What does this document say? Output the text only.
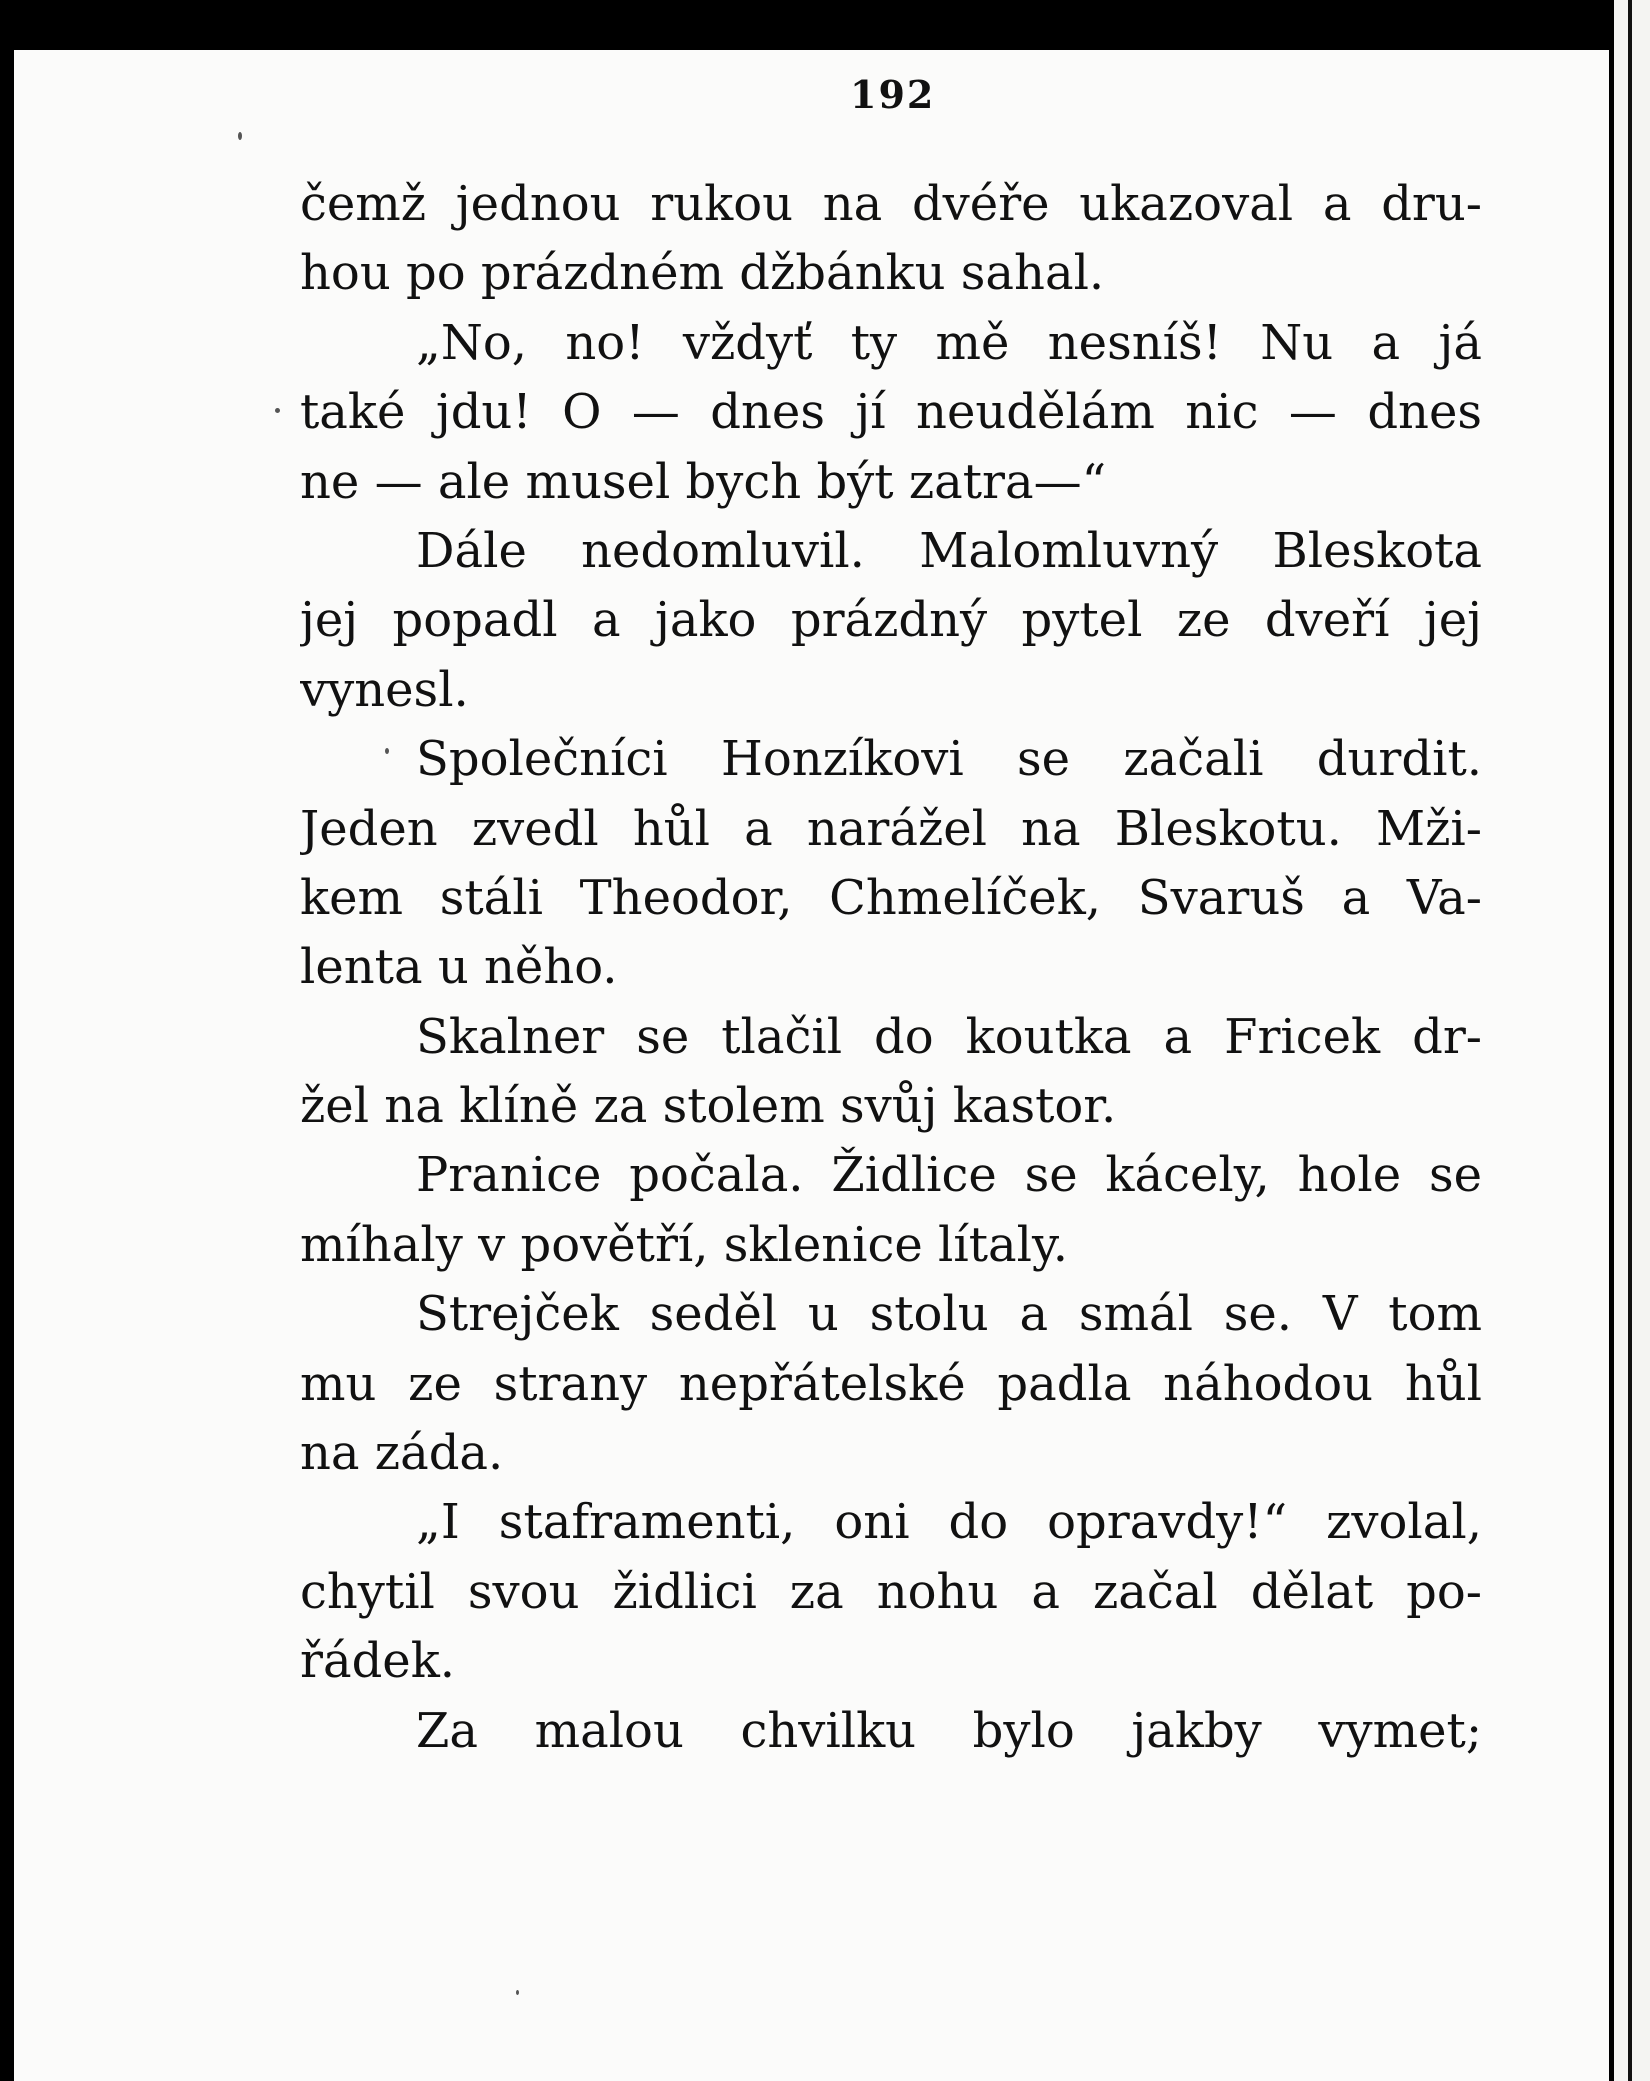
192
čemž jednou rukou na dvéře ukazoval a dru-
hou po prázdném džbánku sahal.
„No, no! vždyť ty mě nesníš! Nu a já
také jdu! O — dnes jí neudělám nic — dnes
ne — ale musel bych být zatra—“
Dále nedomluvil. Malomluvný Bleskota
jej popadl a jako prázdný pytel ze dveří jej
vynesl.
Společníci Honzíkovi se začali durdit.
Jeden zvedl hůl a narážel na Bleskotu. Mži-
kem stáli Theodor, Chmelíček, Svaruš a Va-
lenta u něho.
Skalner se tlačil do koutka a Fricek dr-
žel na klíně za stolem svůj kastor.
Pranice počala. Židlice se kácely, hole se
míhaly v povětří, sklenice lítaly.
Strejček seděl u stolu a smál se. V tom
mu ze strany nepřátelské padla náhodou hůl
na záda.
„I staframenti, oni do opravdy!“ zvolal,
chytil svou židlici za nohu a začal dělat po-
řádek.
Za malou chvilku bylo jakby vymet;
